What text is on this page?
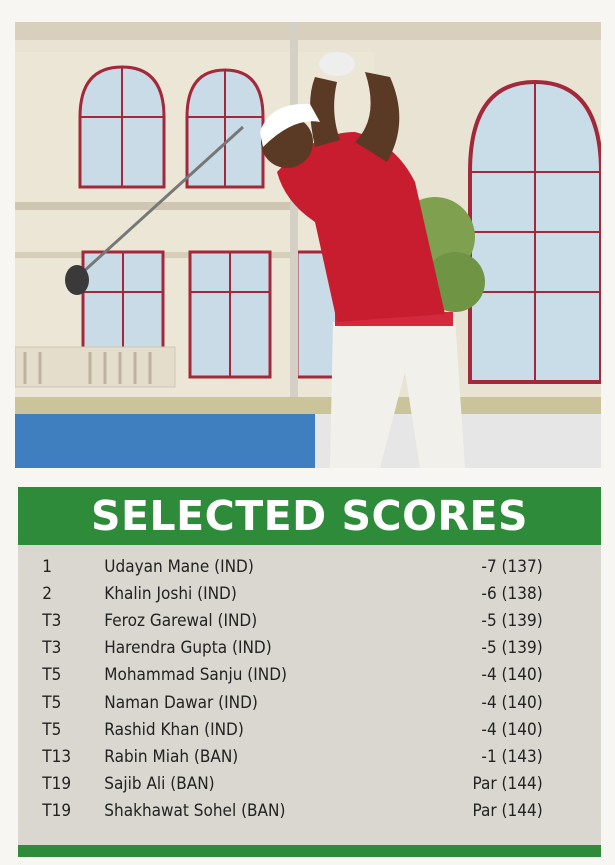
SELECTED SCORES
1	Udayan Mane (IND)	-7 (137)
2	Khalin Joshi (IND)	-6 (138)
T3	Feroz Garewal (IND)	-5 (139)
T3	Harendra Gupta (IND)	-5 (139)
T5	Mohammad Sanju (IND)	-4 (140)
T5	Naman Dawar (IND)	-4 (140)
T5	Rashid Khan (IND)	-4 (140)
T13	Rabin Miah (BAN)	-1 (143)
T19	Sajib Ali (BAN)	Par (144)
T19	Shakhawat Sohel (BAN)	Par (144)
